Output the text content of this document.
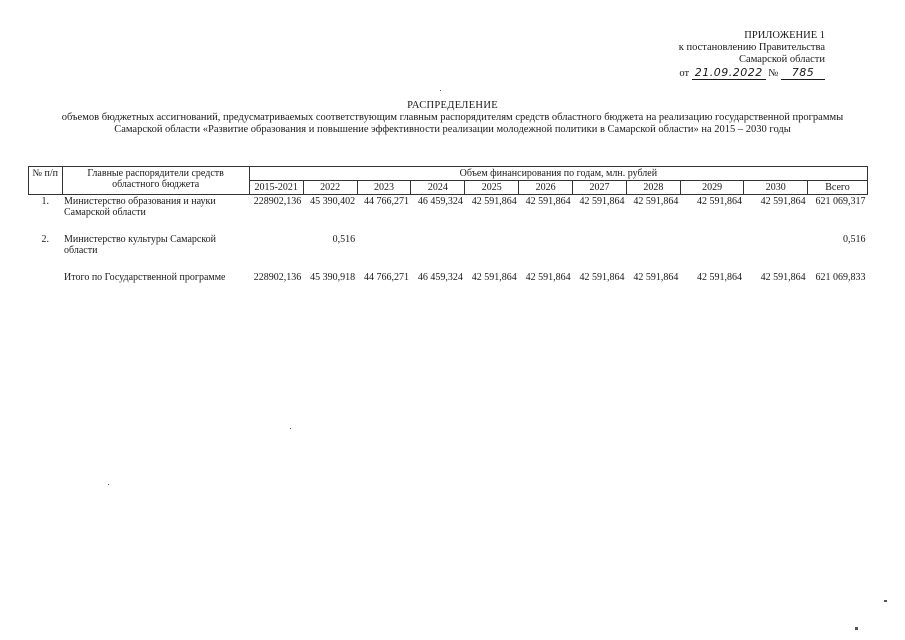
ПРИЛОЖЕНИЕ 1
к постановлению Правительства
Самарской области
от 21.09.2022 № 785
РАСПРЕДЕЛЕНИЕ
объемов бюджетных ассигнований, предусматриваемых соответствующим главным распорядителям средств областного бюджета на реализацию государственной программы
Самарской области «Развитие образования и повышение эффективности реализации молодежной политики в Самарской области» на 2015 – 2030 годы
№ п/п	Главные распорядители средств областного бюджета	Объем финансирования по годам, млн. рублей										
		2015-2021	2022	2023	2024	2025	2026	2027	2028	2029	2030	Всего
1.	Министерство образования и науки Самарской области	228902,136	45 390,402	44 766,271	46 459,324	42 591,864	42 591,864	42 591,864	42 591,864	42 591,864	42 591,864	621 069,317

2.	Министерство культуры Самарской области		0,516									0,516

	Итого по Государственной программе	228902,136	45 390,918	44 766,271	46 459,324	42 591,864	42 591,864	42 591,864	42 591,864	42 591,864	42 591,864	621 069,833
